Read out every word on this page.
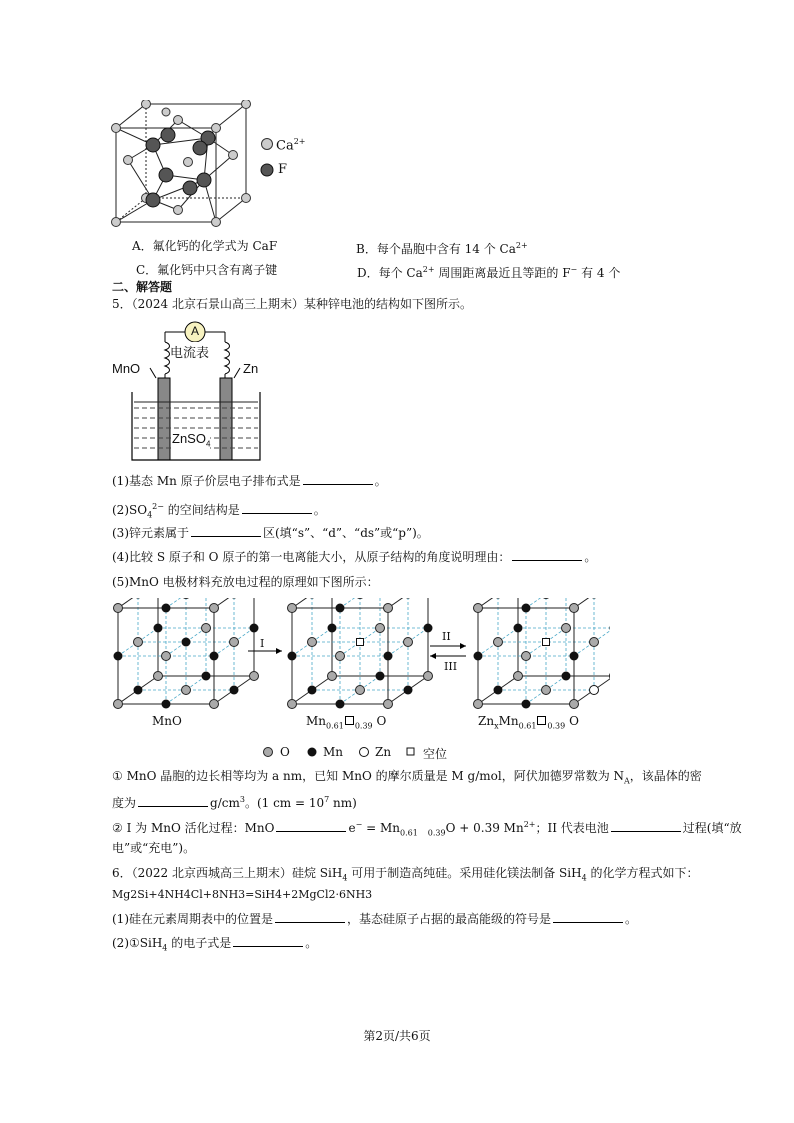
$Ca^{2+}$
F
A．氟化钙的化学式为 CaF	B．每个晶胞中含有 14 个 $Ca^{2+}$
C．氟化钙中只含有离子键	D．每个 $Ca^{2+}$ 周围距离最近且等距的 F− 有 4 个
二、解答题
5．（2024 北京石景山高三上期末）某种锌电池的结构如下图所示。
A
电流表
MnO	Zn
ZnSO$_4$
(1)基态 Mn 原子价层电子排布式是	。
$(2)SO_4^{2-}$ 的空间结构是	。
(3)锌元素属于	区(填“s”、“d”、“ds”或“p”)。
(4)比较 S 原子和 O 原子的第一电离能大小，从原子结构的角度说明理由：	。
(5)MnO 电极材料充放电过程的原理如下图所示：
I
II
III
MnO	$Mn_{0.61}$ $_{0.39}$ O	$Zn_xMn_{0.61}$ $_{0.39}$ O
O	Mn	Zn	空位
① MnO 晶胞的边长相等均为 a nm，已知 MnO 的摩尔质量是 M g/mol，阿伏加德罗常数为 $N_A$，该晶体的密
度为	$g/cm^3$。(1 cm = $10^7$ nm)
② I 为 MnO 活化过程：MnO	$e^- = Mn_{0.61}$ $_{0.39}$O + 0.39 $Mn^{2+}$；II 代表电池	过程(填“放
电”或“充电”)。
6．（2022 北京西城高三上期末）硅烷 SiH$_4$ 可用于制造高纯硅。采用硅化镁法制备 SiH$_4$ 的化学方程式如下：
Mg2Si+4NH4Cl+8NH3=SiH4+2MgCl2·6NH3
(1)硅在元素周期表中的位置是	，基态硅原子占据的最高能级的符号是	。
(2)①SiH$_4$ 的电子式是	。
第2页/共6页
